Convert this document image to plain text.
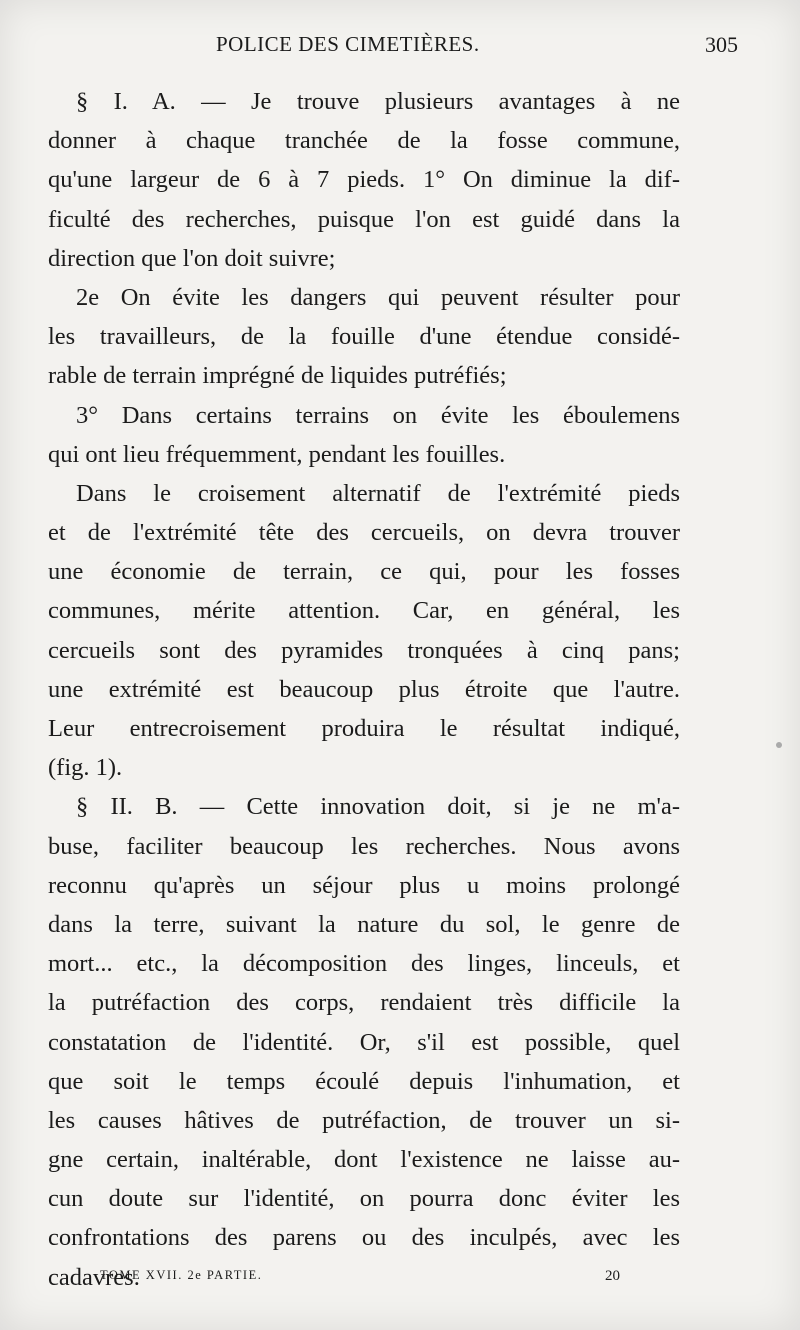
POLICE DES CIMETIÈRES.	305
§ I. A. — Je trouve plusieurs avantages à ne
donner à chaque tranchée de la fosse commune,
qu'une largeur de 6 à 7 pieds. 1° On diminue la dif-
ficulté des recherches, puisque l'on est guidé dans la
direction que l'on doit suivre;
2e On évite les dangers qui peuvent résulter pour
les travailleurs, de la fouille d'une étendue considé-
rable de terrain imprégné de liquides putréfiés;
3° Dans certains terrains on évite les éboulemens
qui ont lieu fréquemment, pendant les fouilles.
Dans le croisement alternatif de l'extrémité pieds
et de l'extrémité tête des cercueils, on devra trouver
une économie de terrain, ce qui, pour les fosses
communes, mérite attention. Car, en général, les
cercueils sont des pyramides tronquées à cinq pans;
une extrémité est beaucoup plus étroite que l'autre.
Leur entrecroisement produira le résultat indiqué,
(fig. 1).
§ II. B. — Cette innovation doit, si je ne m'a-
buse, faciliter beaucoup les recherches. Nous avons
reconnu qu'après un séjour plus u moins prolongé
dans la terre, suivant la nature du sol, le genre de
mort... etc., la décomposition des linges, linceuls, et
la putréfaction des corps, rendaient très difficile la
constatation de l'identité. Or, s'il est possible, quel
que soit le temps écoulé depuis l'inhumation, et
les causes hâtives de putréfaction, de trouver un si-
gne certain, inaltérable, dont l'existence ne laisse au-
cun doute sur l'identité, on pourra donc éviter les
confrontations des parens ou des inculpés, avec les
cadavres.
TOME XVII. 2e PARTIE.	20
